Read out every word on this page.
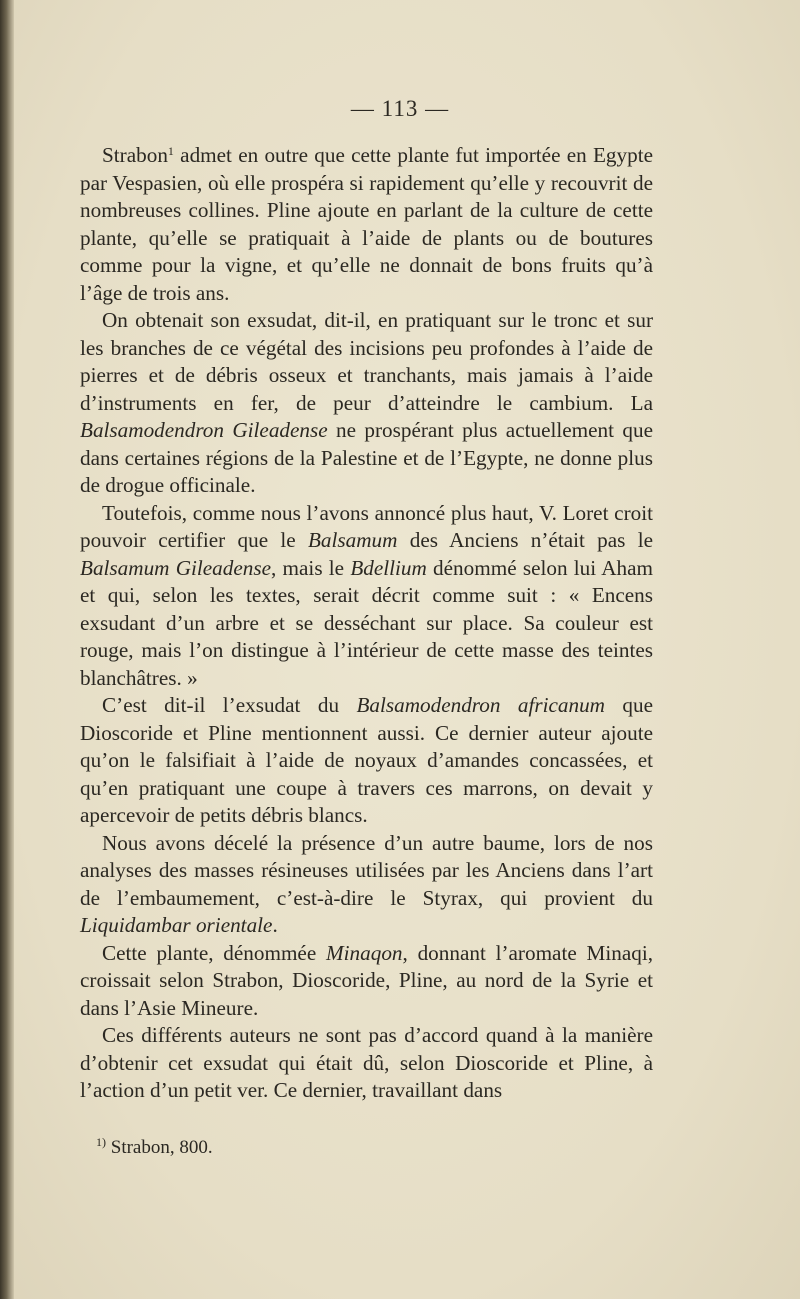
— 113 —

Strabon$^1$ admet en outre que cette plante fut importée en Egypte par Vespasien, où elle prospéra si rapidement qu’elle y recouvrit de nombreuses collines. Pline ajoute en parlant de la culture de cette plante, qu’elle se pratiquait à l’aide de plants ou de boutures comme pour la vigne, et qu’elle ne donnait de bons fruits qu’à l’âge de trois ans.

On obtenait son exsudat, dit-il, en pratiquant sur le tronc et sur les branches de ce végétal des incisions peu profondes à l’aide de pierres et de débris osseux et tranchants, mais jamais à l’aide d’instruments en fer, de peur d’atteindre le cambium. La Balsamodendron Gileadense ne prospérant plus actuellement que dans certaines régions de la Palestine et de l’Egypte, ne donne plus de drogue officinale.

Toutefois, comme nous l’avons annoncé plus haut, V. Loret croit pouvoir certifier que le Balsamum des Anciens n’était pas le Balsamum Gileadense, mais le Bdellium dénommé selon lui Aham et qui, selon les textes, serait décrit comme suit : « Encens exsudant d’un arbre et se desséchant sur place. Sa couleur est rouge, mais l’on distingue à l’intérieur de cette masse des teintes blanchâtres. »

C’est dit-il l’exsudat du Balsamodendron africanum que Dioscoride et Pline mentionnent aussi. Ce dernier auteur ajoute qu’on le falsifiait à l’aide de noyaux d’amandes concassées, et qu’en pratiquant une coupe à travers ces marrons, on devait y apercevoir de petits débris blancs.

Nous avons décelé la présence d’un autre baume, lors de nos analyses des masses résineuses utilisées par les Anciens dans l’art de l’embaumement, c’est-à-dire le Styrax, qui provient du Liquidambar orientale.

Cette plante, dénommée Minaqon, donnant l’aromate Minaqi, croissait selon Strabon, Dioscoride, Pline, au nord de la Syrie et dans l’Asie Mineure.

Ces différents auteurs ne sont pas d’accord quand à la manière d’obtenir cet exsudat qui était dû, selon Dioscoride et Pline, à l’action d’un petit ver. Ce dernier, travaillant dans

$^{1)}$ Strabon, 800.
